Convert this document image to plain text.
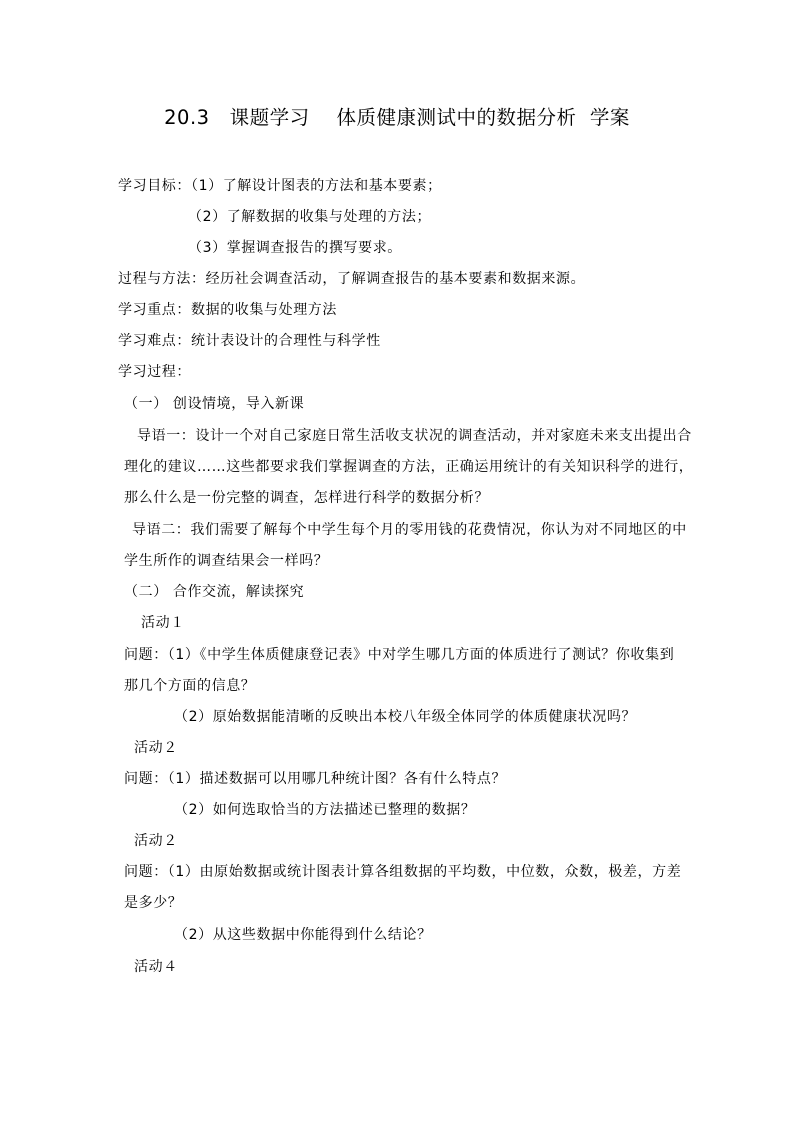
20.3   课题学习    体质健康测试中的数据分析  学案
学习目标：（1）了解设计图表的方法和基本要素；
（2）了解数据的收集与处理的方法；
（3）掌握调查报告的撰写要求。
过程与方法：经历社会调查活动，了解调查报告的基本要素和数据来源。
学习重点：数据的收集与处理方法
学习难点：统计表设计的合理性与科学性
学习过程：
（一） 创设情境，导入新课
导语一：设计一个对自己家庭日常生活收支状况的调查活动，并对家庭未来支出提出合
理化的建议……这些都要求我们掌握调查的方法，正确运用统计的有关知识科学的进行，
那么什么是一份完整的调查，怎样进行科学的数据分析？
导语二：我们需要了解每个中学生每个月的零用钱的花费情况，你认为对不同地区的中
学生所作的调查结果会一样吗？
（二） 合作交流，解读探究
活动１
问题：（1）《中学生体质健康登记表》中对学生哪几方面的体质进行了测试？你收集到
那几个方面的信息？
（2）原始数据能清晰的反映出本校八年级全体同学的体质健康状况吗？
活动２
问题：（1）描述数据可以用哪几种统计图？各有什么特点？
（2）如何选取恰当的方法描述已整理的数据？
活动２
问题：（1）由原始数据或统计图表计算各组数据的平均数，中位数，众数，极差，方差
是多少？
（2）从这些数据中你能得到什么结论？
活动４
